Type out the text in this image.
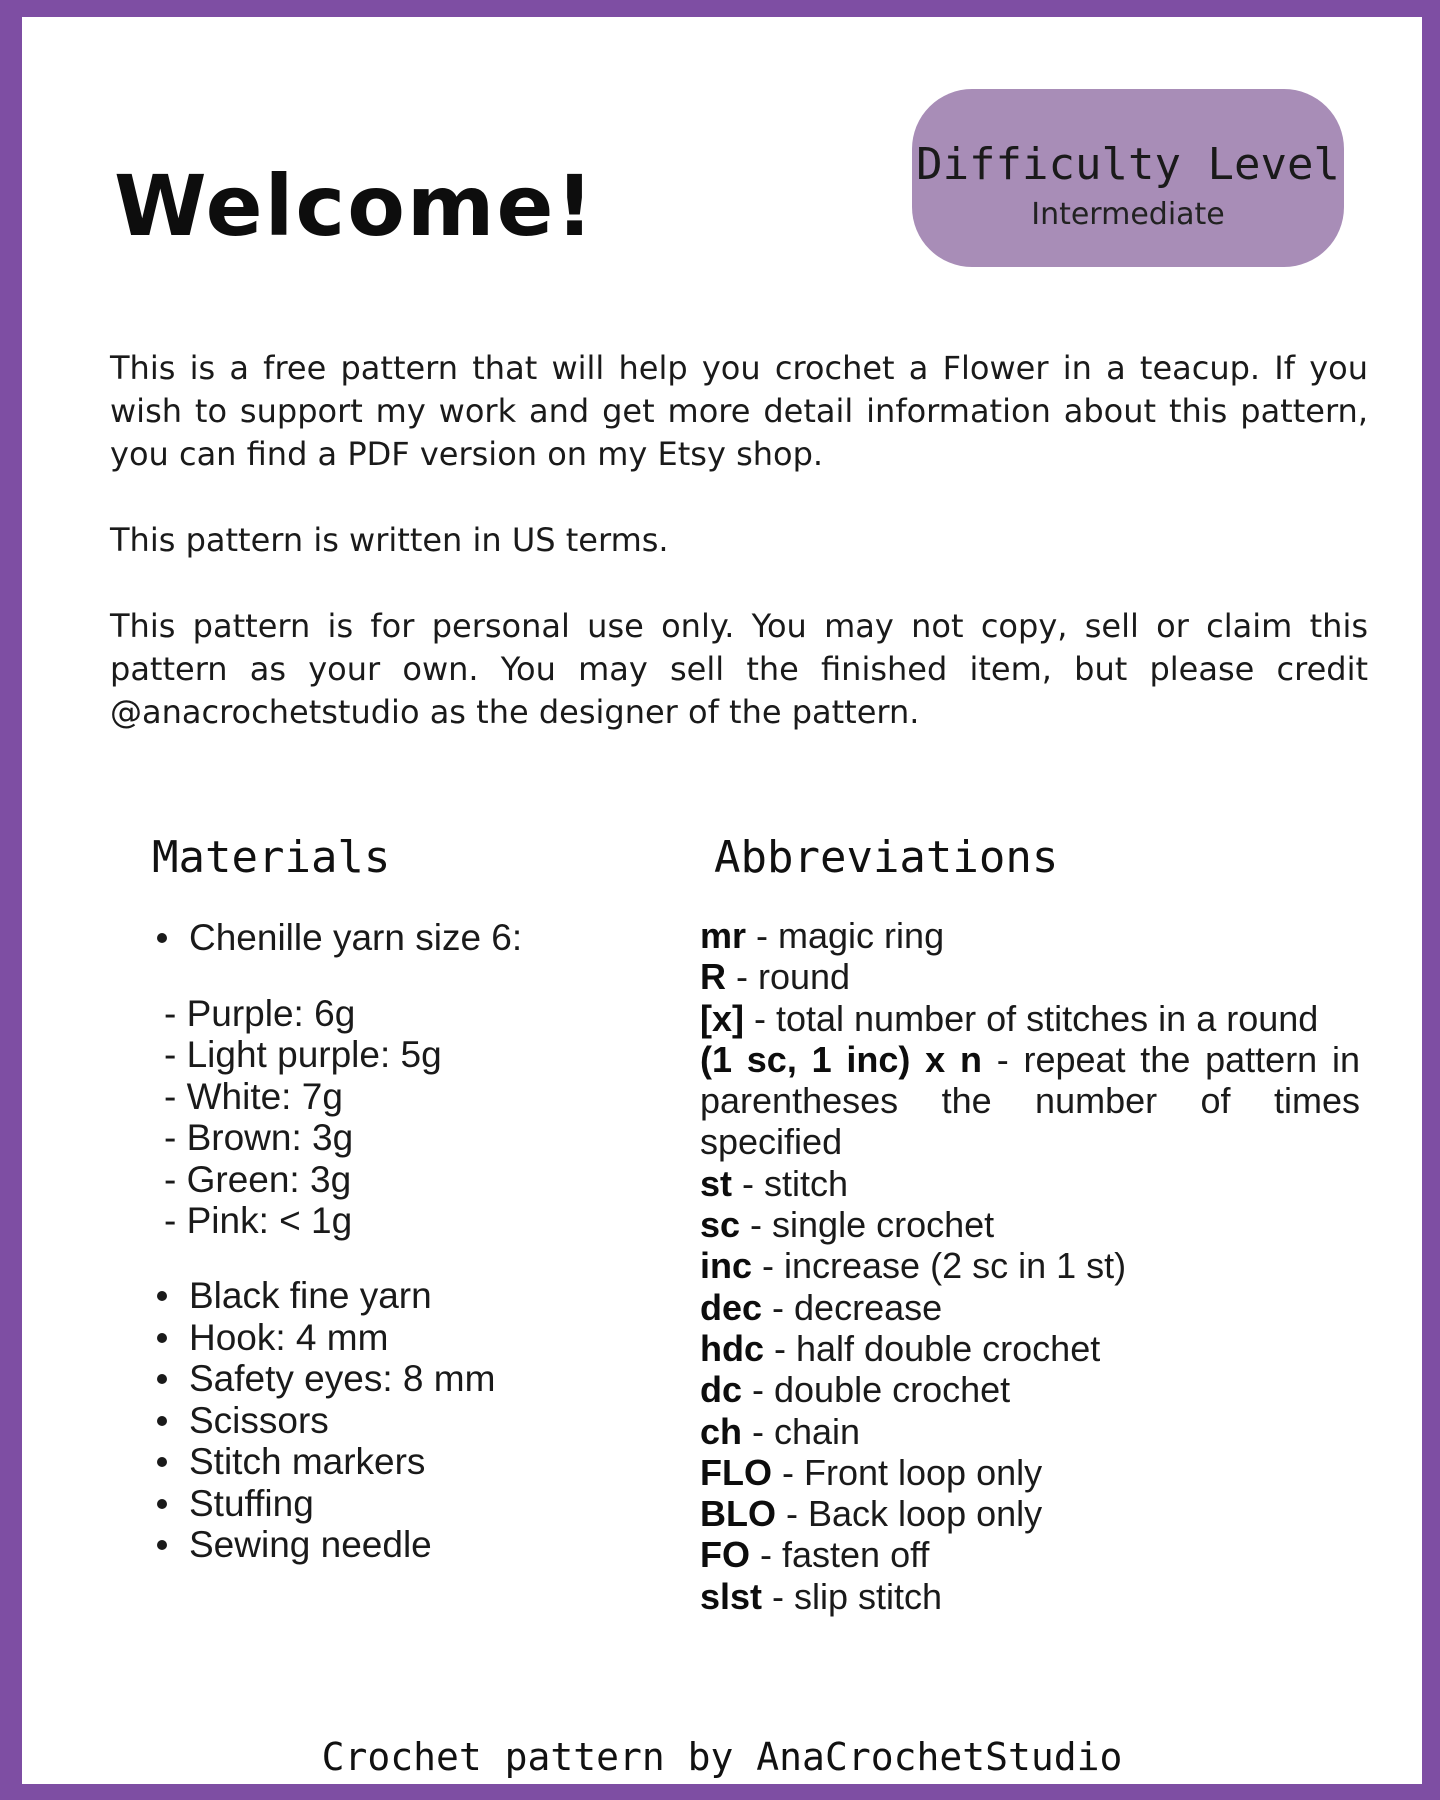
Welcome!	Difficulty Level
Intermediate

This is a free pattern that will help you crochet a Flower in a teacup. If you wish to support my work and get more detail information about this pattern, you can find a PDF version on my Etsy shop.

This pattern is written in US terms.

This pattern is for personal use only. You may not copy, sell or claim this pattern as your own. You may sell the finished item, but please credit @anacrochetstudio as the designer of the pattern.

Materials	Abbreviations
Chenille yarn size 6:
- Purple: 6g
- Light purple: 5g
- White: 7g
- Brown: 3g
- Green: 3g
- Pink: < 1g
Black fine yarn
Hook: 4 mm
Safety eyes: 8 mm
Scissors
Stitch markers
Stuffing
Sewing needle
mr - magic ring
R - round
[x] - total number of stitches in a round
(1 sc, 1 inc) x n - repeat the pattern in parentheses the number of times specified
st - stitch
sc - single crochet
inc - increase (2 sc in 1 st)
dec - decrease
hdc - half double crochet
dc - double crochet
ch - chain
FLO - Front loop only
BLO - Back loop only
FO - fasten off
slst - slip stitch
Crochet pattern by AnaCrochetStudio
